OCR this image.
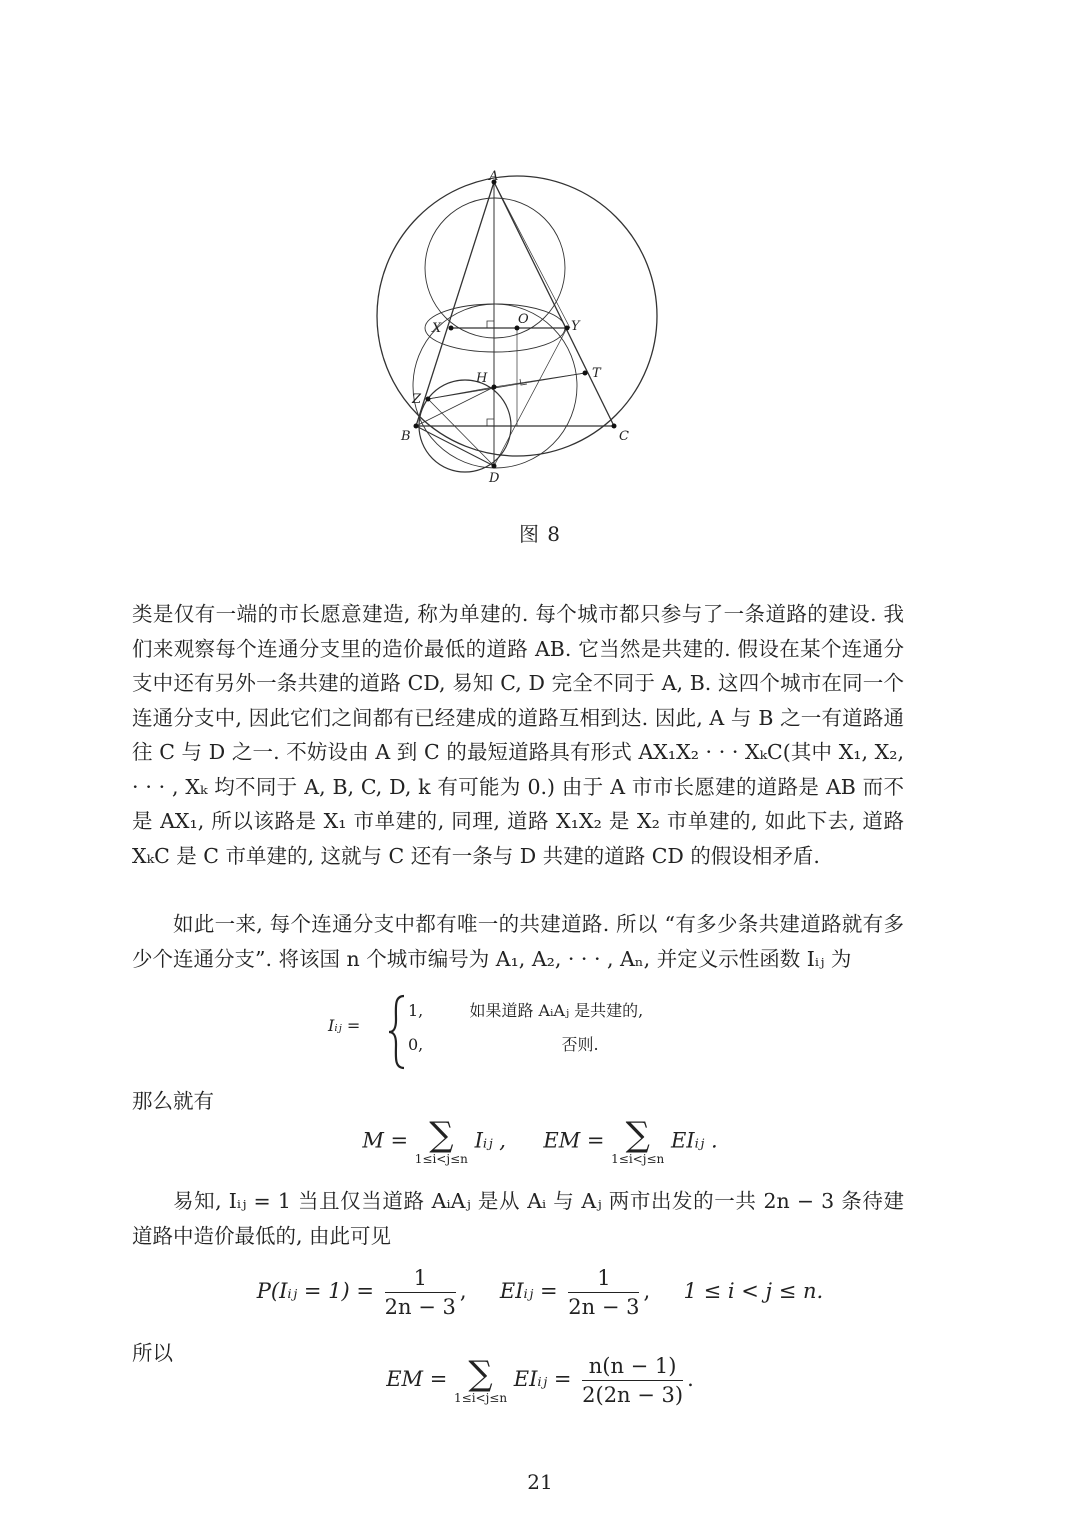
A
X
O	Y
T
H
Z
B	C
D
图 8
类是仅有一端的市长愿意建造, 称为单建的. 每个城市都只参与了一条道路的建设. 我们来观察每个连通分支里的造价最低的道路 AB. 它当然是共建的. 假设在某个连通分支中还有另外一条共建的道路 CD, 易知 C, D 完全不同于 A, B. 这四个城市在同一个连通分支中, 因此它们之间都有已经建成的道路互相到达. 因此, A 与 B 之一有道路通往 C 与 D 之一. 不妨设由 A 到 C 的最短道路具有形式 AX₁X₂ · · · XₖC(其中 X₁, X₂, · · · , Xₖ 均不同于 A, B, C, D, k 有可能为 0.) 由于 A 市市长愿建的道路是 AB 而不是 AX₁, 所以该路是 X₁ 市单建的, 同理, 道路 X₁X₂ 是 X₂ 市单建的, 如此下去, 道路 XₖC 是 C 市单建的, 这就与 C 还有一条与 D 共建的道路 CD 的假设相矛盾.
如此一来, 每个连通分支中都有唯一的共建道路. 所以 “有多少条共建道路就有多少个连通分支”. 将该国 n 个城市编号为 A₁, A₂, · · · , Aₙ, 并定义示性函数 Iᵢⱼ 为
Iᵢⱼ =
1,	如果道路 AᵢAⱼ 是共建的,
0,	否则.
那么就有
M = ∑
1≤i<j≤n
Iᵢⱼ , EM = ∑
1≤i<j≤n
EIᵢⱼ .
易知, Iᵢⱼ = 1 当且仅当道路 AᵢAⱼ 是从 Aᵢ 与 Aⱼ 两市出发的一共 2n − 3 条待建道路中造价最低的, 由此可见
P(Iᵢⱼ = $1) = \frac{1}{2n - 3}$ , EIᵢⱼ = $\frac{1}{2n - 3}$ , 1 ≤ i < j ≤ n.
所以
EM = ∑
1≤i<j≤n
EIᵢⱼ = $\frac{n(n - 1)}{2(2n - 3)}$ .
21
